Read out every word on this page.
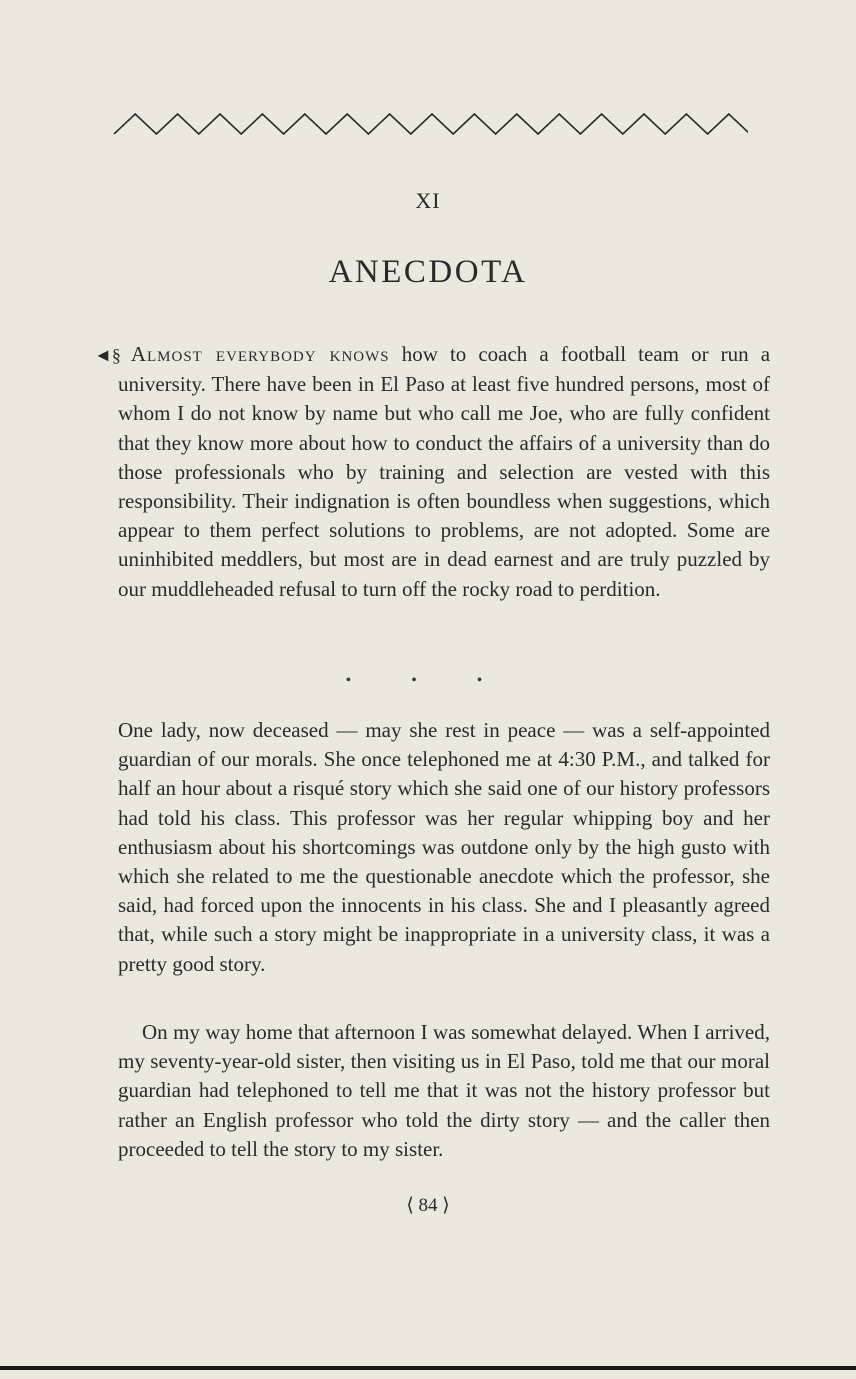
XI
ANECDOTA

◄§ Almost everybody knows how to coach a football team or run a university. There have been in El Paso at least five hundred persons, most of whom I do not know by name but who call me Joe, who are fully confident that they know more about how to conduct the affairs of a university than do those professionals who by training and selection are vested with this responsibility. Their indignation is often boundless when suggestions, which appear to them perfect solutions to problems, are not adopted. Some are uninhibited meddlers, but most are in dead earnest and are truly puzzled by our muddleheaded refusal to turn off the rocky road to perdition.

• • •

One lady, now deceased — may she rest in peace — was a self-appointed guardian of our morals. She once telephoned me at 4:30 P.M., and talked for half an hour about a risqué story which she said one of our history professors had told his class. This professor was her regular whipping boy and her enthusiasm about his shortcomings was outdone only by the high gusto with which she related to me the questionable anecdote which the professor, she said, had forced upon the innocents in his class. She and I pleasantly agreed that, while such a story might be inappropriate in a university class, it was a pretty good story.

On my way home that afternoon I was somewhat delayed. When I arrived, my seventy-year-old sister, then visiting us in El Paso, told me that our moral guardian had telephoned to tell me that it was not the history professor but rather an English professor who told the dirty story — and the caller then proceeded to tell the story to my sister.

⟨ 84 ⟩
